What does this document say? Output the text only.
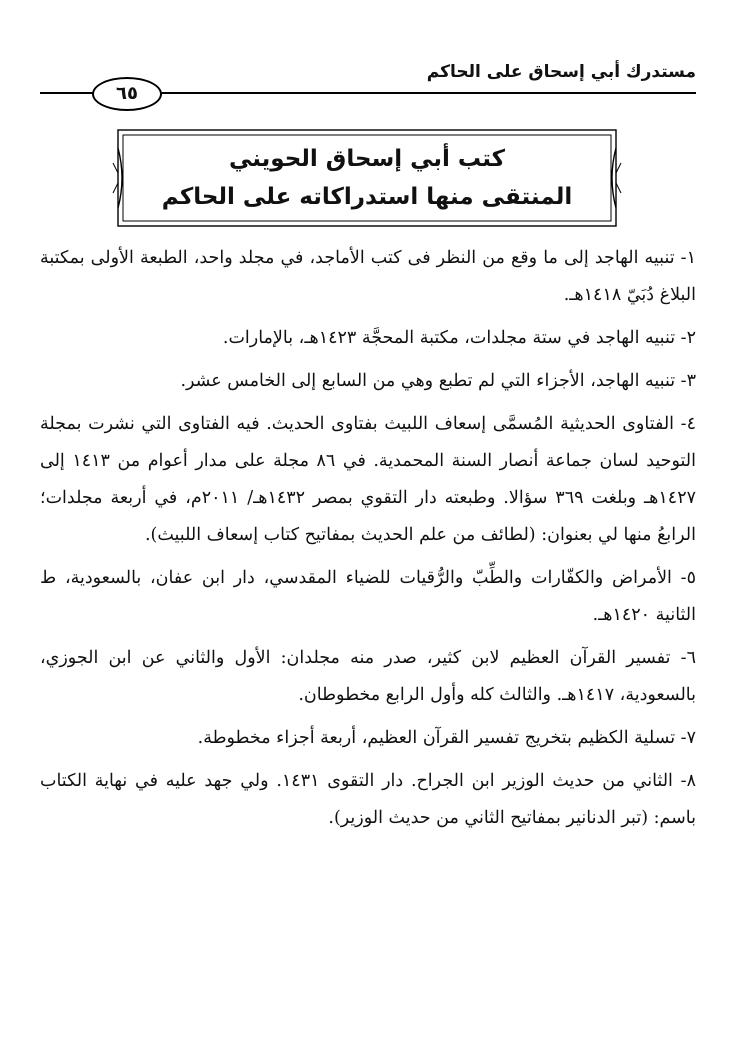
مستدرك أبي إسحاق على الحاكم
٦٥
كتب أبي إسحاق الحويني
المنتقى منها استدراكاته على الحاكم

١- تنبيه الهاجد إلى ما وقع من النظر فى كتب الأماجد، في مجلد واحد، الطبعة الأولى بمكتبة البلاغ دُبَيّ ١٤١٨هـ.

٢- تنبيه الهاجد في ستة مجلدات، مكتبة المحجَّة ١٤٢٣هـ، بالإمارات.

٣- تنبيه الهاجد، الأجزاء التي لم تطبع وهي من السابع إلى الخامس عشر.

٤- الفتاوى الحديثية المُسمَّى إسعاف اللبيث بفتاوى الحديث. فيه الفتاوى التي نشرت بمجلة التوحيد لسان جماعة أنصار السنة المحمدية. في ٨٦ مجلة على مدار أعوام من ١٤١٣ إلى ١٤٢٧هـ وبلغت ٣٦٩ سؤالا. وطبعته دار التقوي بمصر ١٤٣٢هـ/ ٢٠١١م، في أربعة مجلدات؛ الرابعُ منها لي بعنوان: (لطائف من علم الحديث بمفاتيح كتاب إسعاف اللبيث).

٥- الأمراض والكفّارات والطِّبّ والرُّقيات للضياء المقدسي، دار ابن عفان، بالسعودية، ط الثانية ١٤٢٠هـ.

٦- تفسير القرآن العظيم لابن كثير، صدر منه مجلدان: الأول والثاني عن ابن الجوزي، بالسعودية، ١٤١٧هـ. والثالث كله وأول الرابع مخطوطان.

٧- تسلية الكظيم بتخريج تفسير القرآن العظيم، أربعة أجزاء مخطوطة.

٨- الثاني من حديث الوزير ابن الجراح. دار التقوى ١٤٣١. ولي جهد عليه في نهاية الكتاب باسم: (تبر الدنانير بمفاتيح الثاني من حديث الوزير).
